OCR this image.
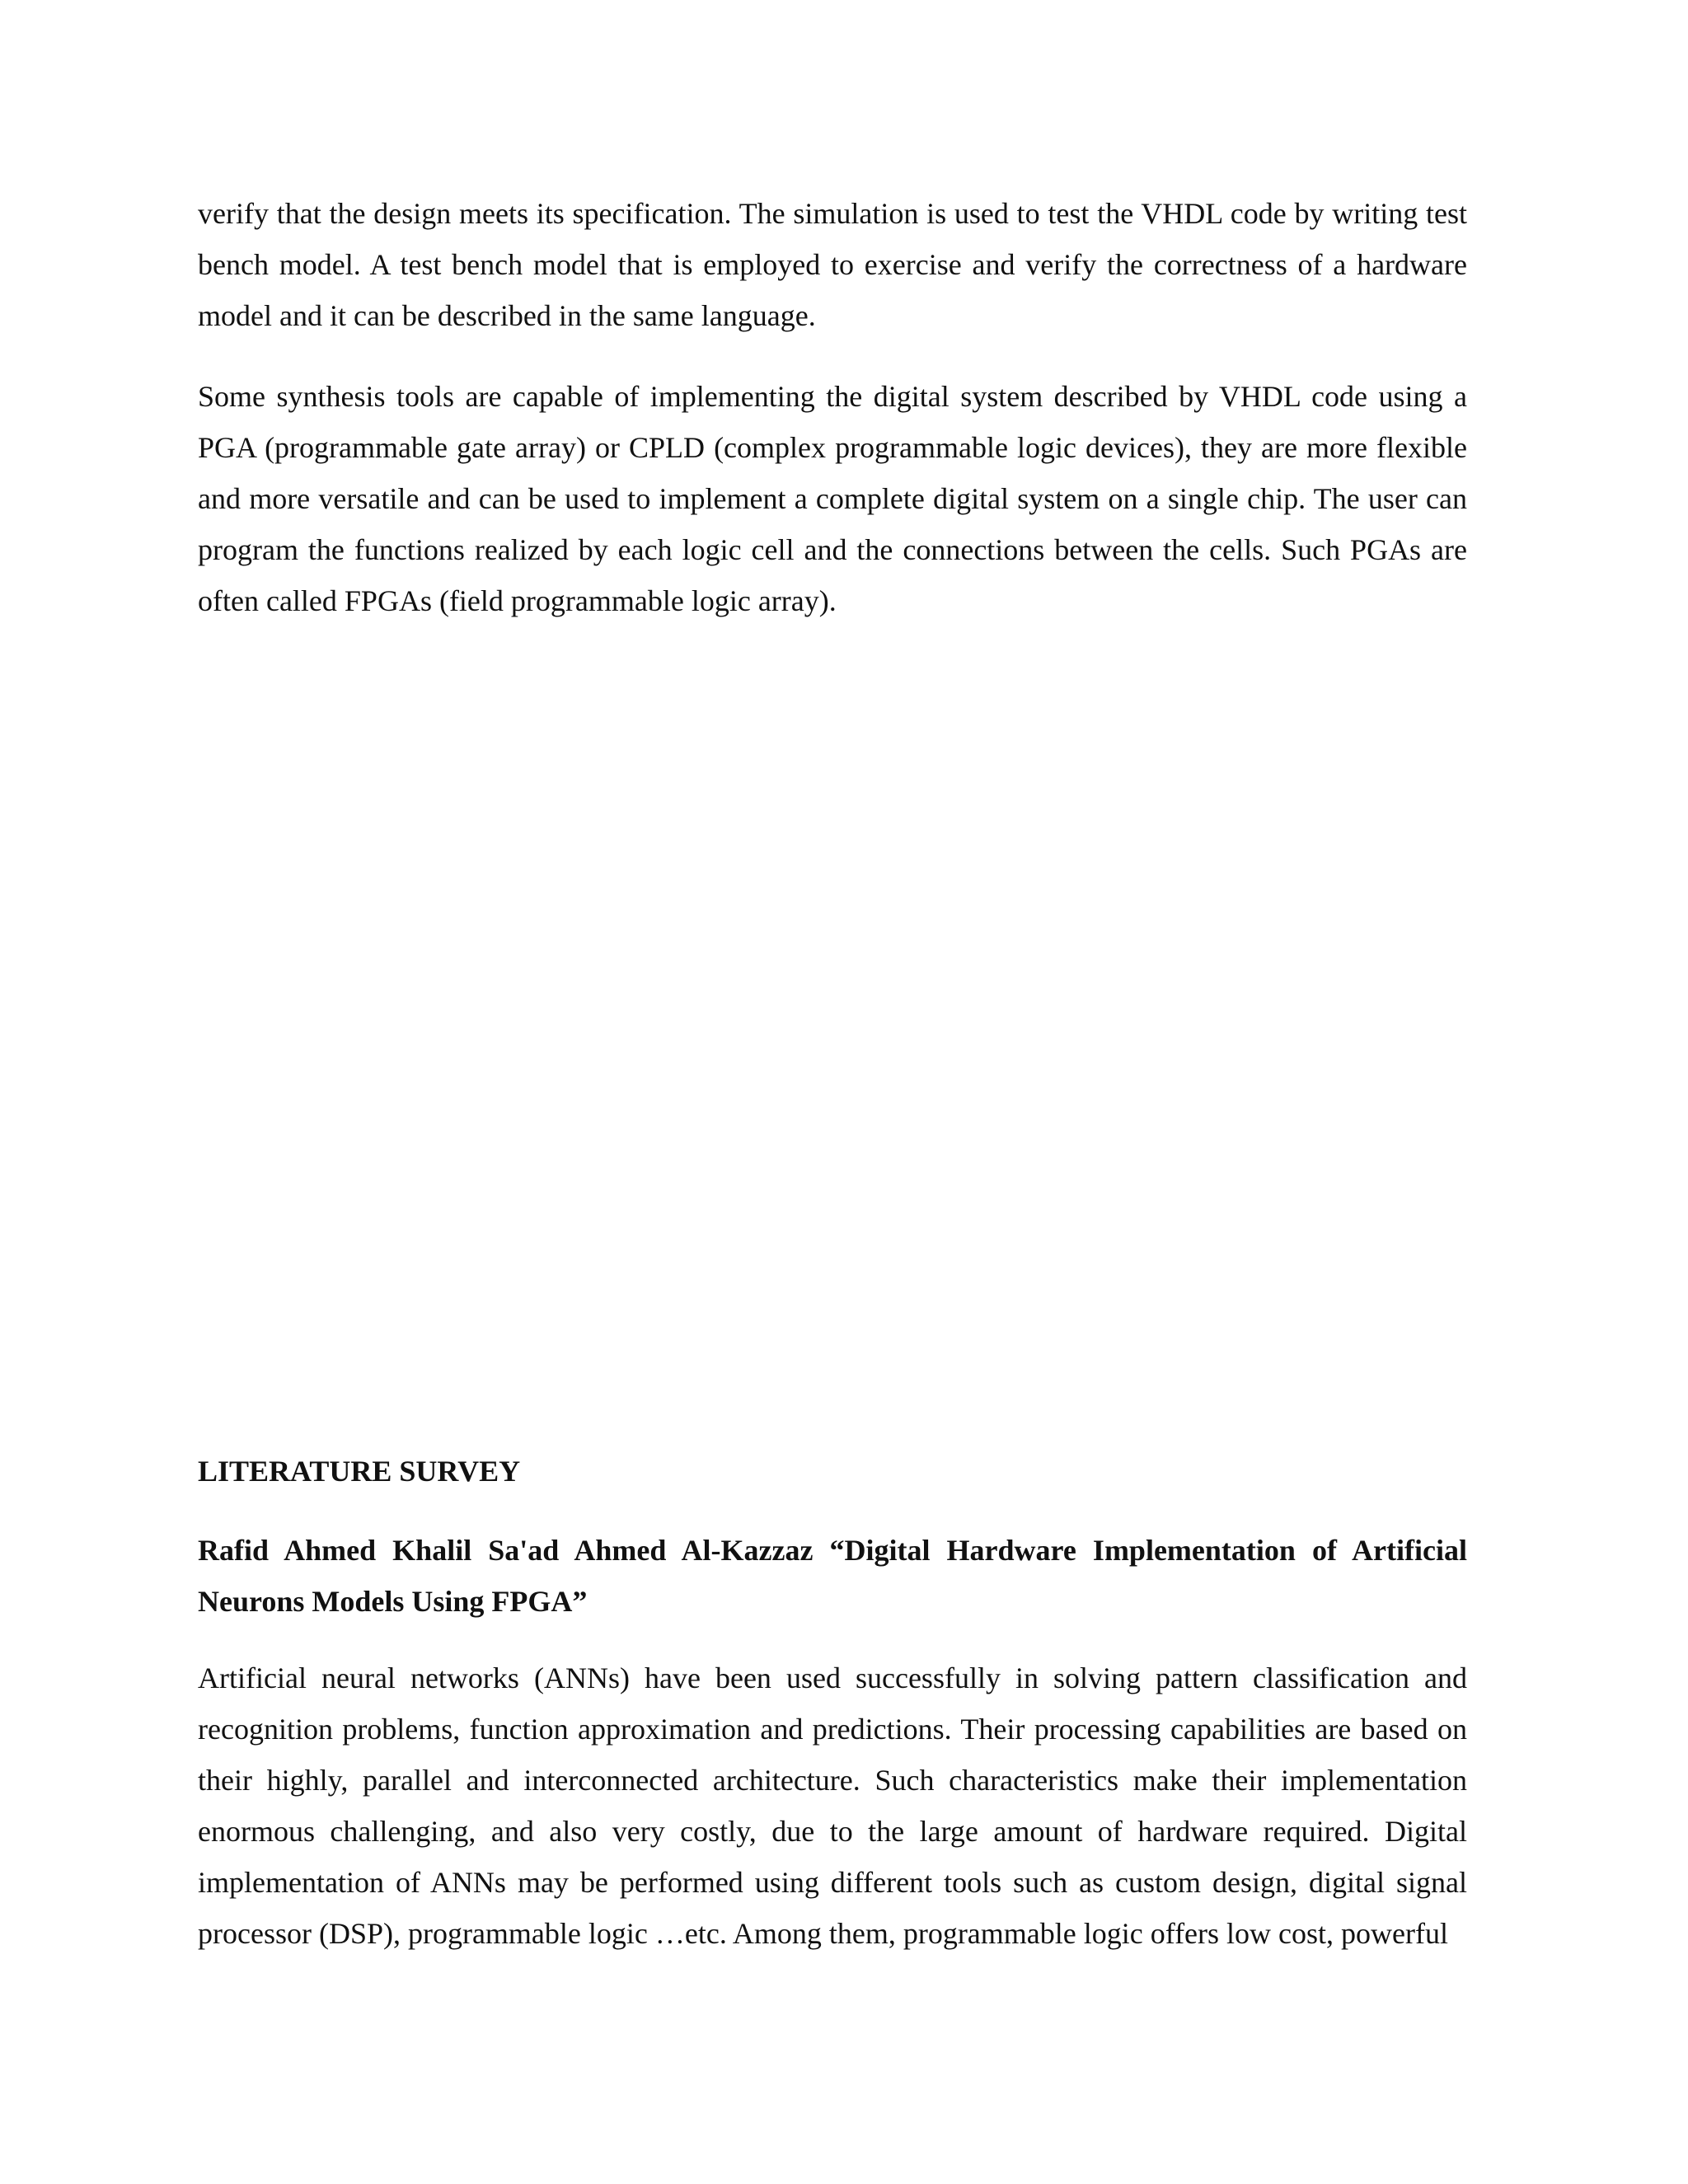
verify that the design meets its specification. The simulation is used to test the VHDL code by writing test bench model. A test bench model that is employed to exercise and verify the correctness of a hardware model and it can be described in the same language.

Some synthesis tools are capable of implementing the digital system described by VHDL code using a PGA (programmable gate array) or CPLD (complex programmable logic devices), they are more flexible and more versatile and can be used to implement a complete digital system on a single chip. The user can program the functions realized by each logic cell and the connections between the cells. Such PGAs are often called FPGAs (field programmable logic array).

LITERATURE SURVEY

Rafid Ahmed Khalil Sa'ad Ahmed Al-Kazzaz “Digital Hardware Implementation of Artificial Neurons Models Using FPGA”

Artificial neural networks (ANNs) have been used successfully in solving pattern classification and recognition problems, function approximation and predictions. Their processing capabilities are based on their highly, parallel and interconnected architecture. Such characteristics make their implementation enormous challenging, and also very costly, due to the large amount of hardware required. Digital implementation of ANNs may be performed using different tools such as custom design, digital signal processor (DSP), programmable logic …etc. Among them, programmable logic offers low cost, powerful
